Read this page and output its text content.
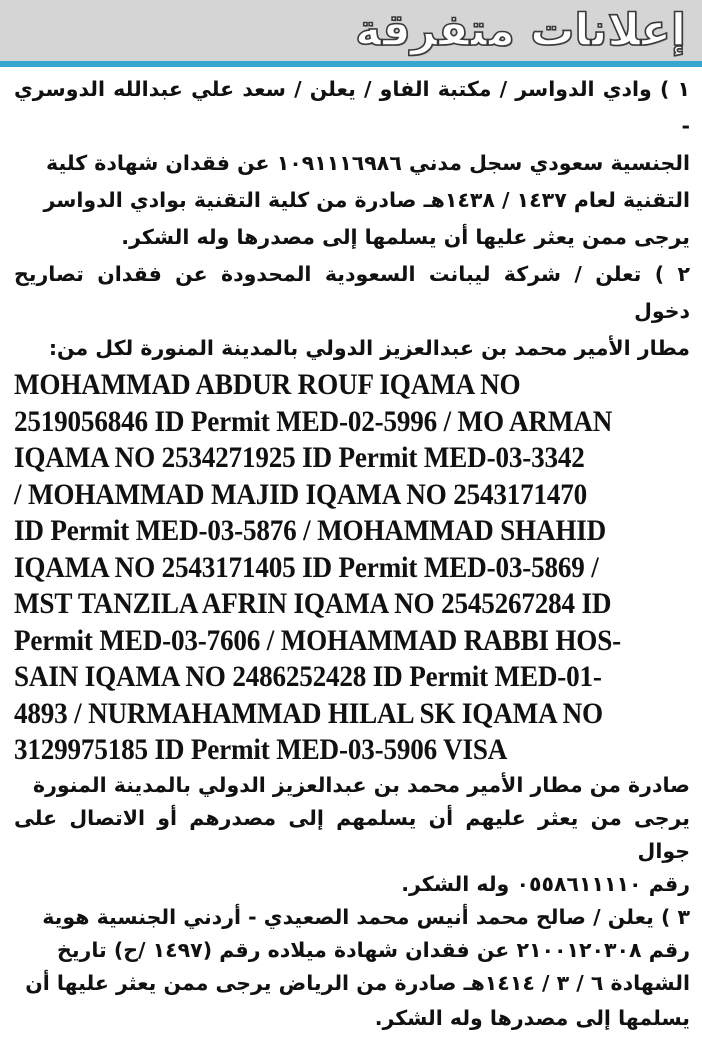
إعلانات متفرقة

١ ) وادي الدواسر / مكتبة الفاو / يعلن / سعد علي عبدالله الدوسري -

الجنسية سعودي سجل مدني ١٠٩١١١٦٩٨٦ عن فقدان شهادة كلية

التقنية لعام ١٤٣٧ / ١٤٣٨هـ صادرة من كلية التقنية بوادي الدواسر

يرجى ممن يعثر عليها أن يسلمها إلى مصدرها وله الشكر.

٢ ) تعلن / شركة ليبانت السعودية المحدودة عن فقدان تصاريح دخول

مطار الأمير محمد بن عبدالعزيز الدولي بالمدينة المنورة لكل من:

MOHAMMAD ABDUR ROUF IQAMA NO

2519056846 ID Permit MED-02-5996 / MO ARMAN

IQAMA NO 2534271925 ID Permit MED-03-3342

/ MOHAMMAD MAJID IQAMA NO 2543171470

ID Permit MED-03-5876 / MOHAMMAD SHAHID

IQAMA NO 2543171405 ID Permit MED-03-5869 /

MST TANZILA AFRIN IQAMA NO 2545267284 ID

Permit MED-03-7606 / MOHAMMAD RABBI HOS-

SAIN IQAMA NO 2486252428 ID Permit MED-01-

4893 / NURMAHAMMAD HILAL SK IQAMA NO

3129975185 ID Permit MED-03-5906 VISA

صادرة من مطار الأمير محمد بن عبدالعزيز الدولي بالمدينة المنورة

يرجى من يعثر عليهم أن يسلمهم إلى مصدرهم أو الاتصال على جوال

رقم ٠٥٥٨٦١١١١٠ وله الشكر.

٣ ) يعلن / صالح محمد أنيس محمد الصعيدي - أردني الجنسية هوية

رقم ٢١٠٠١٢٠٣٠٨ عن فقدان شهادة ميلاده رقم (١٤٩٧ /ح) تاريخ

الشهادة ٦ / ٣ / ١٤١٤هـ صادرة من الرياض يرجى ممن يعثر عليها أن

يسلمها إلى مصدرها وله الشكر.
